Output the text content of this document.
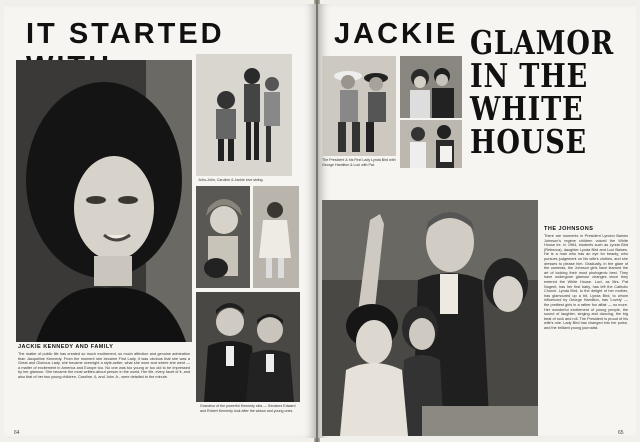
IT STARTED
John-John, Caroline & Jackie love skiing.
Grandeur of the powerful Kennedy sibs — Senators Edward and Robert Kennedy look after the widow and young ones.
JACKIE KENNEDY AND FAMILY
The matter of public life has created so much excitement, so much affection and genuine admiration than Jacqueline Kennedy. From the moment she became First Lady, it was obvious that she was a Great and Glorious Lady, she became overnight a style-setter, what she wore and where she went — a matter of excitement in America and Europe too. No one was too young or too old to be impressed by her glamour. She became the most written-about person in the world. Her life, every facet of it, and also that of her two young children, Caroline, 6, and John Jr., were detailed to the minute.
64
JACKIE GLAMOR
IN THE
WHITE
HOUSE
The President & his First Lady Lynda Bird with George Hamilton & Luci with Pat.
THE JOHNSONS
There are moments in President Lyndon Baines Johnson's regime children voiced the White House ire. In 1964, students such as Lynda Bird (Rebecca), daughter Lynda Bird and Luci Baines. He is a man who has an eye for beauty, who pursues judgement on his wife's clothes, and she dresses to please him. Gradually, in the glare of the cameras, the Johnson girls have learned the art of looking their most photogenic best. They have undergone glamour changes since they entered the White House. Luci, as Mrs. Pat Nugent, has her first baby, has left the Catholic Church. Lynda Bird, to the delight of her mother, has glamoured up a bit. Lynda Bird, to whom influenced by George Hamilton, has 'Lovely' — the prettiest girls in a rather fun affair — no more. Her wonderful excitement of young people, the sound of laughter, singing and dancing, the big beat of rock and roll. The President is proud of his wife's role. Lady Bird has changed into her poise, and the brilliant young journalist.
65
